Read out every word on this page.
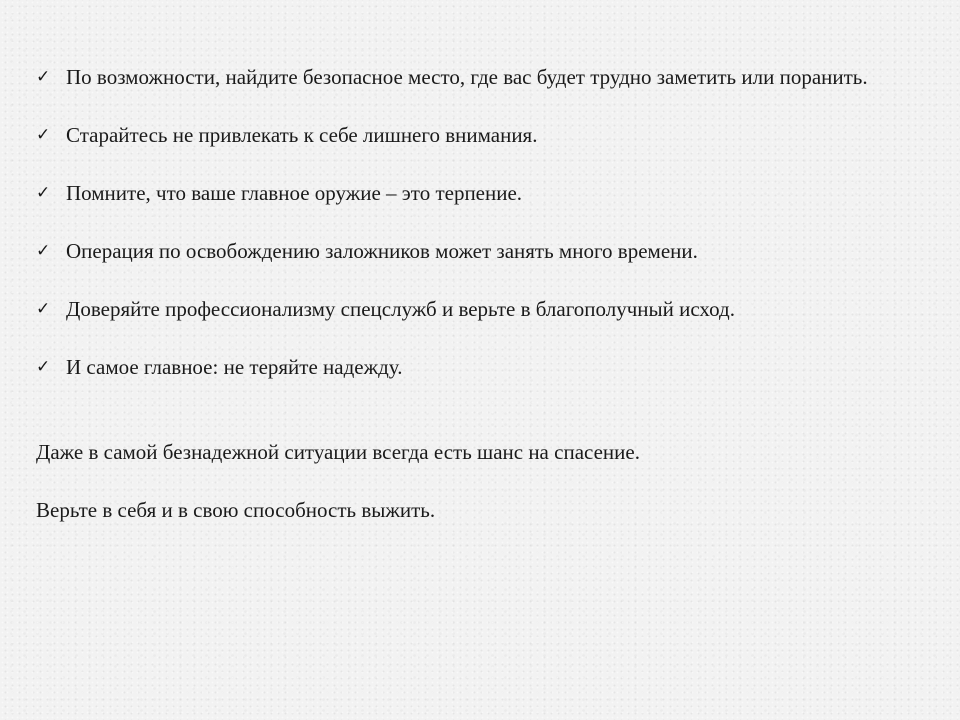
✓ По возможности, найдите безопасное место, где вас будет трудно заметить или поранить.
✓ Старайтесь не привлекать к себе лишнего внимания.
✓ Помните, что ваше главное оружие – это терпение.
✓ Операция по освобождению заложников может занять много времени.
✓ Доверяйте профессионализму спецслужб и верьте в благополучный исход.
✓ И самое главное: не теряйте надежду.

Даже в самой безнадежной ситуации всегда есть шанс на спасение.

Верьте в себя и в свою способность выжить.
